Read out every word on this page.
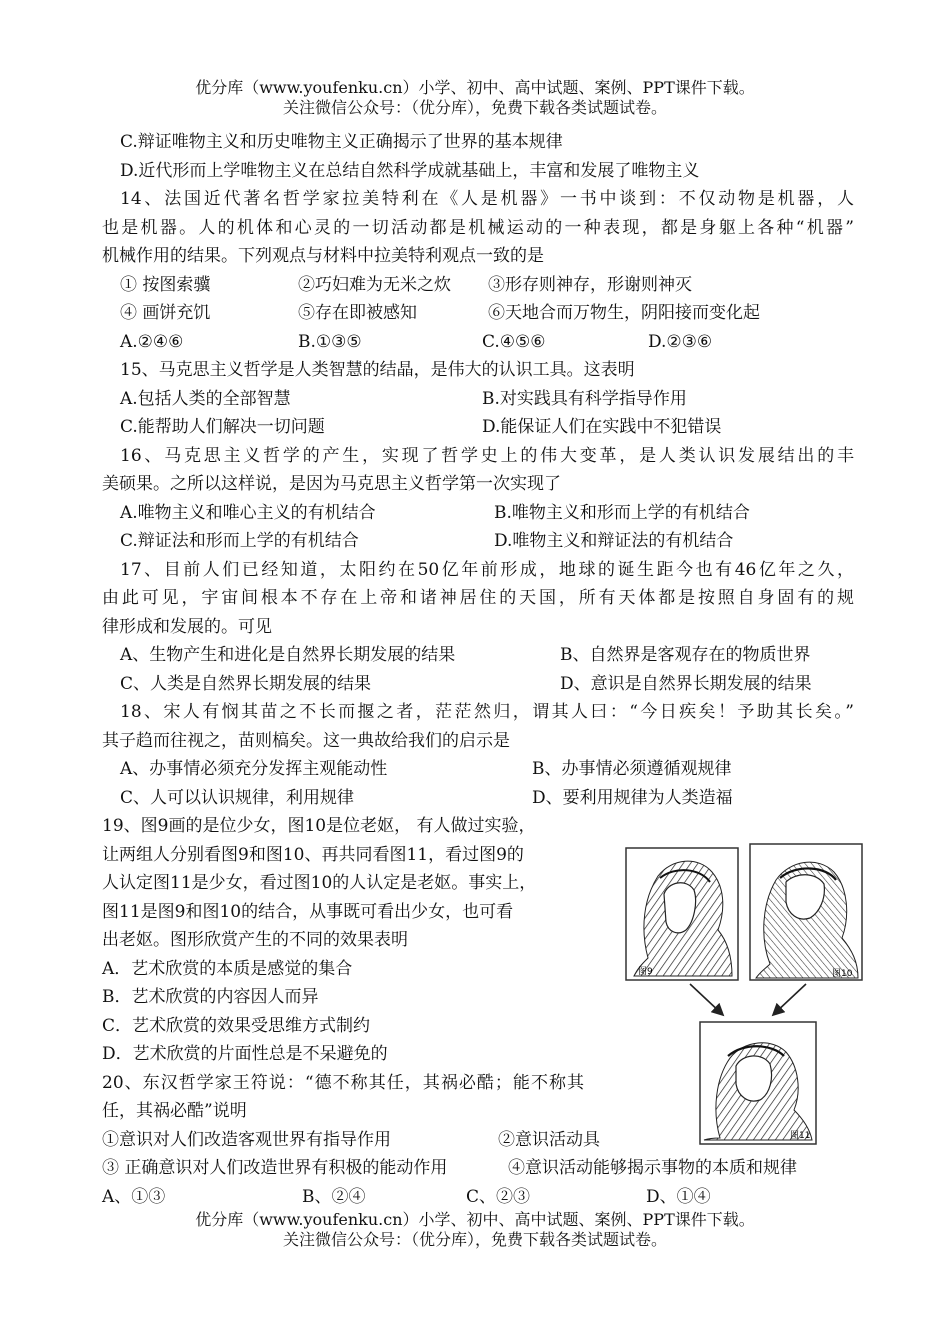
优分库（www.youfenku.cn）小学、初中、高中试题、案例、PPT课件下载。
关注微信公众号：（优分库），免费下载各类试题试卷。
C.辩证唯物主义和历史唯物主义正确揭示了世界的基本规律
D.近代形而上学唯物主义在总结自然科学成就基础上，丰富和发展了唯物主义
14、法国近代著名哲学家拉美特利在《人是机器》一书中谈到：不仅动物是机器，人
也是机器。人的机体和心灵的一切活动都是机械运动的一种表现，都是身躯上各种“机器”
机械作用的结果。下列观点与材料中拉美特利观点一致的是
① 按图索骥	②巧妇难为无米之炊 ③形存则神存，形谢则神灭
④ 画饼充饥	⑤存在即被感知	⑥天地合而万物生，阴阳接而变化起
A.②④⑥	B.①③⑤	C.④⑤⑥	D.②③⑥
15、马克思主义哲学是人类智慧的结晶，是伟大的认识工具。这表明
A.包括人类的全部智慧	B.对实践具有科学指导作用
C.能帮助人们解决一切问题	D.能保证人们在实践中不犯错误
16、马克思主义哲学的产生，实现了哲学史上的伟大变革，是人类认识发展结出的丰
美硕果。之所以这样说，是因为马克思主义哲学第一次实现了
A.唯物主义和唯心主义的有机结合	B.唯物主义和形而上学的有机结合
C.辩证法和形而上学的有机结合	D.唯物主义和辩证法的有机结合
17、目前人们已经知道，太阳约在50亿年前形成，地球的诞生距今也有46亿年之久，
由此可见，宇宙间根本不存在上帝和诸神居住的天国，所有天体都是按照自身固有的规
律形成和发展的。可见
A、生物产生和进化是自然界长期发展的结果	B、自然界是客观存在的物质世界
C、人类是自然界长期发展的结果	D、意识是自然界长期发展的结果
18、宋人有悯其苗之不长而揠之者，茫茫然归，谓其人曰：“今日疾矣！予助其长矣。”
其子趋而往视之，苗则槁矣。这一典故给我们的启示是
A、办事情必须充分发挥主观能动性	B、办事情必须遵循观规律
C、人可以认识规律，利用规律	D、要利用规律为人类造福
19、图9画的是位少女，图10是位老妪， 有人做过实验，
让两组人分别看图9和图10、再共同看图11，看过图9的
人认定图11是少女，看过图10的人认定是老妪。事实上，
图11是图9和图10的结合，从事既可看出少女，也可看
出老妪。图形欣赏产生的不同的效果表明
A．艺术欣赏的本质是感觉的集合
B．艺术欣赏的内容因人而异
C．艺术欣赏的效果受思维方式制约
D．艺术欣赏的片面性总是不呆避免的
20、东汉哲学家王符说：“德不称其任，其祸必酷；能不称其
任，其祸必酷”说明
①意识对人们改造客观世界有指导作用	②意识活动具
③ 正确意识对人们改造世界有积极的能动作用	④意识活动能够揭示事物的本质和规律
A、①③	B、②④	C、②③	D、①④
图9	图10
图11
优分库（www.youfenku.cn）小学、初中、高中试题、案例、PPT课件下载。
关注微信公众号：（优分库），免费下载各类试题试卷。
